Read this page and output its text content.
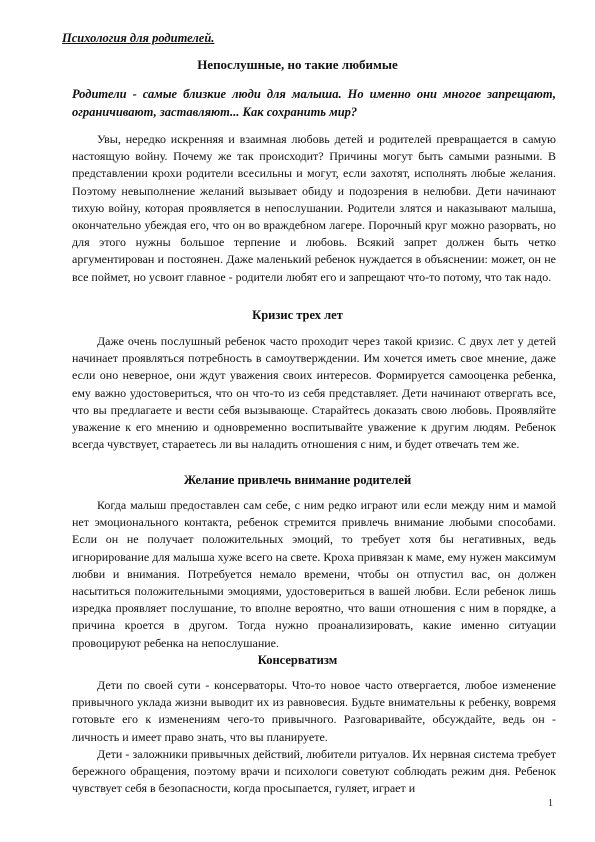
Психология для родителей.
Непослушные, но такие любимые
Родители - самые близкие люди для малыша. Но именно они многое запрещают, ограничивают, заставляют... Как сохранить мир?

Увы, нередко искренняя и взаимная любовь детей и родителей превращается в самую настоящую войну. Почему же так происходит? Причины могут быть самыми разными. В представлении крохи родители всесильны и могут, если захотят, исполнять любые желания. Поэтому невыполнение желаний вызывает обиду и подозрения в нелюбви. Дети начинают тихую войну, которая проявляется в непослушании. Родители злятся и наказывают малыша, окончательно убеждая его, что он во враждебном лагере. Порочный круг можно разорвать, но для этого нужны большое терпение и любовь. Всякий запрет должен быть четко аргументирован и постоянен. Даже маленький ребенок нуждается в объяснении: может, он не все поймет, но усвоит главное - родители любят его и запрещают что-то потому, что так надо.

Кризис трех лет

Даже очень послушный ребенок часто проходит через такой кризис. С двух лет у детей начинает проявляться потребность в самоутверждении. Им хочется иметь свое мнение, даже если оно неверное, они ждут уважения своих интересов. Формируется самооценка ребенка, ему важно удостовериться, что он что-то из себя представляет. Дети начинают отвергать все, что вы предлагаете и вести себя вызывающе. Старайтесь доказать свою любовь. Проявляйте уважение к его мнению и одновременно воспитывайте уважение к другим людям. Ребенок всегда чувствует, стараетесь ли вы наладить отношения с ним, и будет отвечать тем же.

Желание привлечь внимание родителей

Когда малыш предоставлен сам себе, с ним редко играют или если между ним и мамой нет эмоционального контакта, ребенок стремится привлечь внимание любыми способами. Если он не получает положительных эмоций, то требует хотя бы негативных, ведь игнорирование для малыша хуже всего на свете. Кроха привязан к маме, ему нужен максимум любви и внимания. Потребуется немало времени, чтобы он отпустил вас, он должен насытиться положительными эмоциями, удостовериться в вашей любви. Если ребенок лишь изредка проявляет послушание, то вполне вероятно, что ваши отношения с ним в порядке, а причина кроется в другом. Тогда нужно проанализировать, какие именно ситуации провоцируют ребенка на непослушание.

Консерватизм

Дети по своей сути - консерваторы. Что-то новое часто отвергается, любое изменение привычного уклада жизни выводит их из равновесия. Будьте внимательны к ребенку, вовремя готовьте его к изменениям чего-то привычного. Разговаривайте, обсуждайте, ведь он - личность и имеет право знать, что вы планируете.

Дети - заложники привычных действий, любители ритуалов. Их нервная система требует бережного обращения, поэтому врачи и психологи советуют соблюдать режим дня. Ребенок чувствует себя в безопасности, когда просыпается, гуляет, играет и

1
